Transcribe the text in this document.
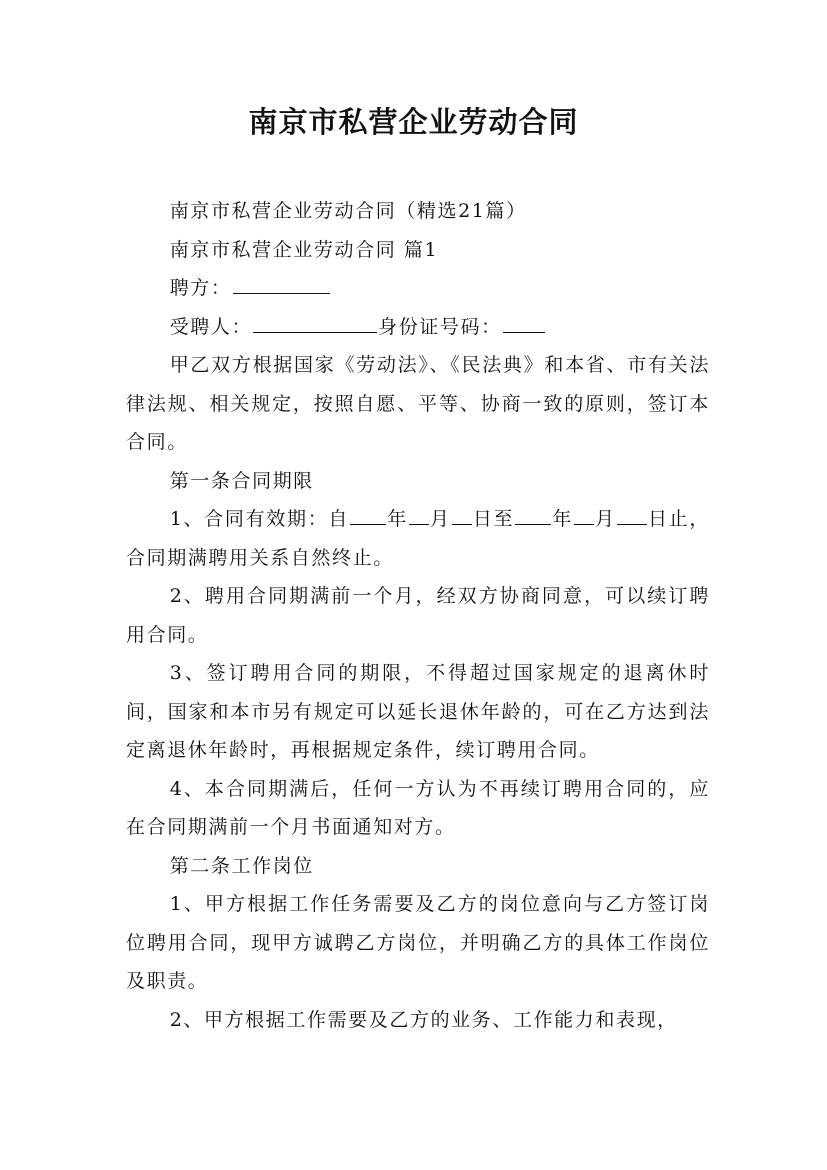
南京市私营企业劳动合同

南京市私营企业劳动合同（精选21篇）

南京市私营企业劳动合同 篇1

聘方：

受聘人：	身份证号码：

甲乙双方根据国家《劳动法》、《民法典》和本省、市有关法律法规、相关规定，按照自愿、平等、协商一致的原则，签订本合同。

第一条合同期限

1、合同有效期：自 年 月 日至 年 月 日止，合同期满聘用关系自然终止。

2、聘用合同期满前一个月，经双方协商同意，可以续订聘用合同。

3、签订聘用合同的期限，不得超过国家规定的退离休时间，国家和本市另有规定可以延长退休年龄的，可在乙方达到法定离退休年龄时，再根据规定条件，续订聘用合同。

4、本合同期满后，任何一方认为不再续订聘用合同的，应在合同期满前一个月书面通知对方。

第二条工作岗位

1、甲方根据工作任务需要及乙方的岗位意向与乙方签订岗位聘用合同，现甲方诚聘乙方岗位，并明确乙方的具体工作岗位及职责。

2、甲方根据工作需要及乙方的业务、工作能力和表现，
